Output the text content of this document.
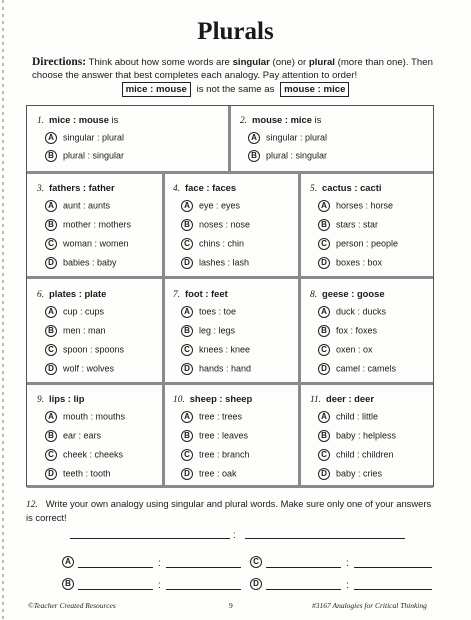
Plurals
Directions: Think about how some words are singular (one) or plural (more than one). Then choose the answer that best completes each analogy. Pay attention to order!
mice : mouse is not the same as mouse : mice
1. mice : mouse is
A singular : plural
B plural : singular
2. mouse : mice is
A singular : plural
B plural : singular
3. fathers : father
A aunt : aunts
B mother : mothers
C woman : women
D babies : baby
4. face : faces
A eye : eyes
B noses : nose
C chins : chin
D lashes : lash
5. cactus : cacti
A horses : horse
B stars : star
C person : people
D boxes : box
6. plates : plate
A cup : cups
B men : man
C spoon : spoons
D wolf : wolves
7. foot : feet
A toes : toe
B leg : legs
C knees : knee
D hands : hand
8. geese : goose
A duck : ducks
B fox : foxes
C oxen : ox
D camel : camels
9. lips : lip
A mouth : mouths
B ear : ears
C cheek : cheeks
D teeth : tooth
10. sheep : sheep
A tree : trees
B tree : leaves
C tree : branch
D tree : oak
11. deer : deer
A child : little
B baby : helpless
C child : children
D baby : cries
12. Write your own analogy using singular and plural words. Make sure only one of your answers is correct!
:
A	:	C	:
B	:	D	:
©Teacher Created Resources	9	#3167 Analogies for Critical Thinking
